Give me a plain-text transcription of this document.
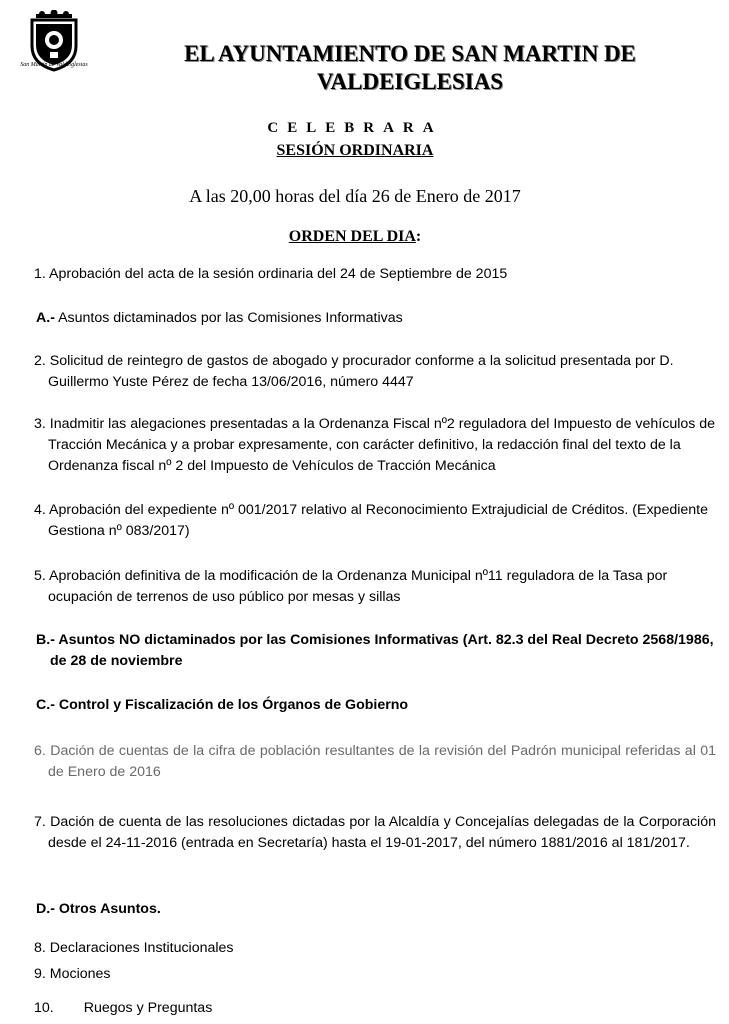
San Martín de Valdeiglesias	EL AYUNTAMIENTO DE SAN MARTIN DE VALDEIGLESIAS
CELEBRARA
SESIÓN ORDINARIA
A las 20,00 horas del día 26 de Enero de 2017
ORDEN DEL DIA:
1. Aprobación del acta de la sesión ordinaria del 24 de Septiembre de 2015
A.- Asuntos dictaminados por las Comisiones Informativas
2. Solicitud de reintegro de gastos de abogado y procurador conforme a la solicitud presentada por D. Guillermo Yuste Pérez de fecha 13/06/2016, número 4447
3. Inadmitir las alegaciones presentadas a la Ordenanza Fiscal nº2 reguladora del Impuesto de vehículos de Tracción Mecánica y a probar expresamente, con carácter definitivo, la redacción final del texto de la Ordenanza fiscal nº 2 del Impuesto de Vehículos de Tracción Mecánica
4. Aprobación del expediente nº 001/2017 relativo al Reconocimiento Extrajudicial de Créditos. (Expediente Gestiona nº 083/2017)
5. Aprobación definitiva de la modificación de la Ordenanza Municipal nº11 reguladora de la Tasa por ocupación de terrenos de uso público por mesas y sillas
B.- Asuntos NO dictaminados por las Comisiones Informativas (Art. 82.3 del Real Decreto 2568/1986, de 28 de noviembre
C.- Control y Fiscalización de los Órganos de Gobierno
6. Dación de cuentas de la cifra de población resultantes de la revisión del Padrón municipal referidas al 01 de Enero de 2016
7. Dación de cuenta de las resoluciones dictadas por la Alcaldía y Concejalías delegadas de la Corporación desde el 24-11-2016 (entrada en Secretaría) hasta el 19-01-2017, del número 1881/2016 al 181/2017.
D.- Otros Asuntos.
8. Declaraciones Institucionales
9. Mociones
10. Ruegos y Preguntas
